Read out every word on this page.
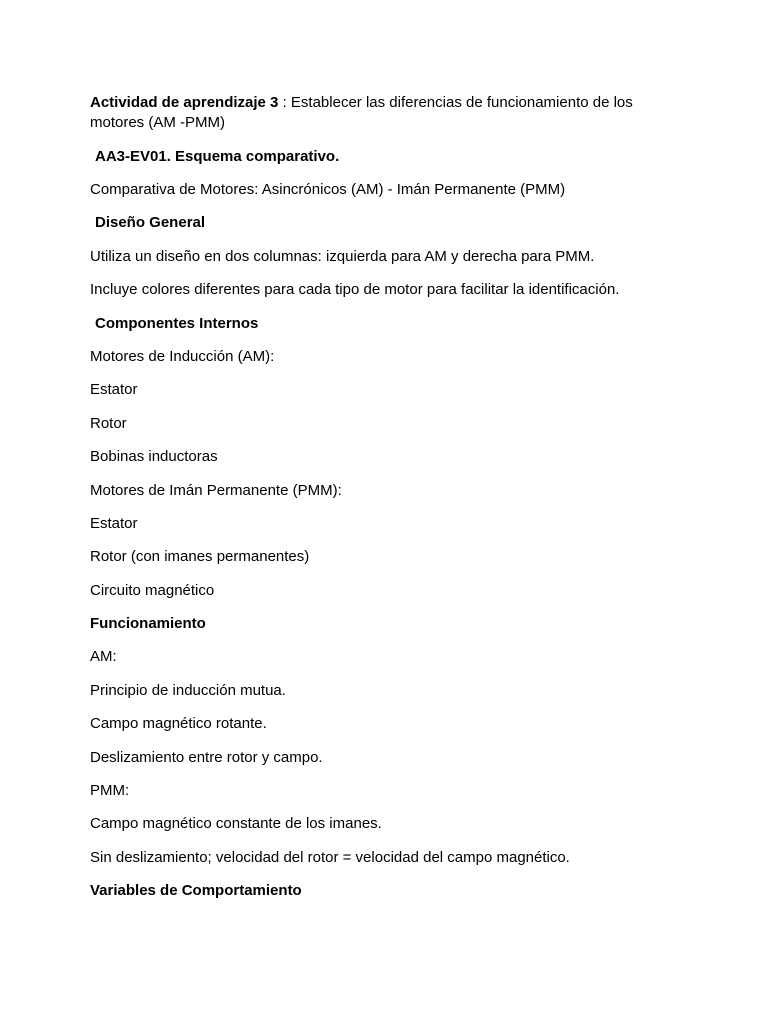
Actividad de aprendizaje 3 : Establecer las diferencias de funcionamiento de los motores (AM -PMM)
AA3-EV01. Esquema comparativo.
Comparativa de Motores: Asincrónicos (AM) - Imán Permanente (PMM)
Diseño General
Utiliza un diseño en dos columnas: izquierda para AM y derecha para PMM.
Incluye colores diferentes para cada tipo de motor para facilitar la identificación.
Componentes Internos
Motores de Inducción (AM):
Estator
Rotor
Bobinas inductoras
Motores de Imán Permanente (PMM):
Estator
Rotor (con imanes permanentes)
Circuito magnético
Funcionamiento
AM:
Principio de inducción mutua.
Campo magnético rotante.
Deslizamiento entre rotor y campo.
PMM:
Campo magnético constante de los imanes.
Sin deslizamiento; velocidad del rotor = velocidad del campo magnético.
Variables de Comportamiento
